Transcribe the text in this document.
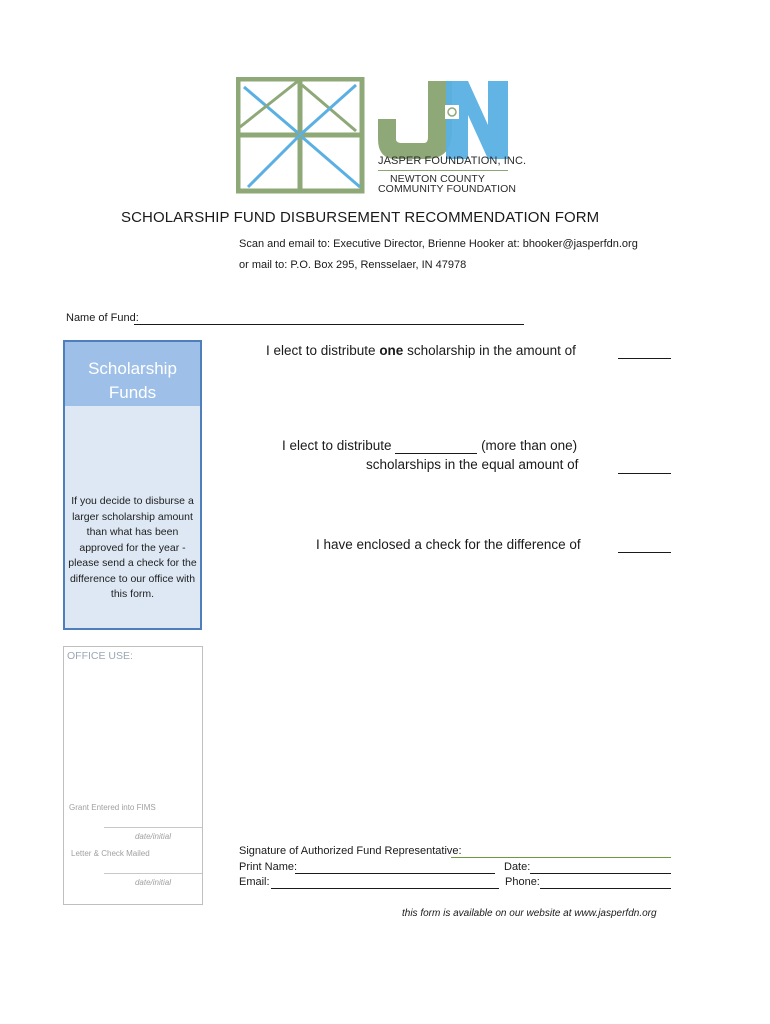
JASPER FOUNDATION, INC.
NEWTON COUNTY
COMMUNITY FOUNDATION
SCHOLARSHIP FUND DISBURSEMENT RECOMMENDATION FORM
Scan and email to: Executive Director, Brienne Hooker at: bhooker@jasperfdn.org
or mail to: P.O. Box 295, Rensselaer, IN 47978
Name of Fund:
Scholarship
Funds
If you decide to disburse a larger scholarship amount than what has been approved for the year - please send a check for the difference to our office with this form.
I elect to distribute one scholarship in the amount of
I elect to distribute	(more than one)
scholarships in the equal amount of
I have enclosed a check for the difference of
OFFICE USE:
Grant Entered into FIMS
date/initial
Letter & Check Mailed
date/initial
Signature of Authorized Fund Representative:
Print Name:	Date:
Email:	Phone:
this form is available on our website at www.jasperfdn.org
